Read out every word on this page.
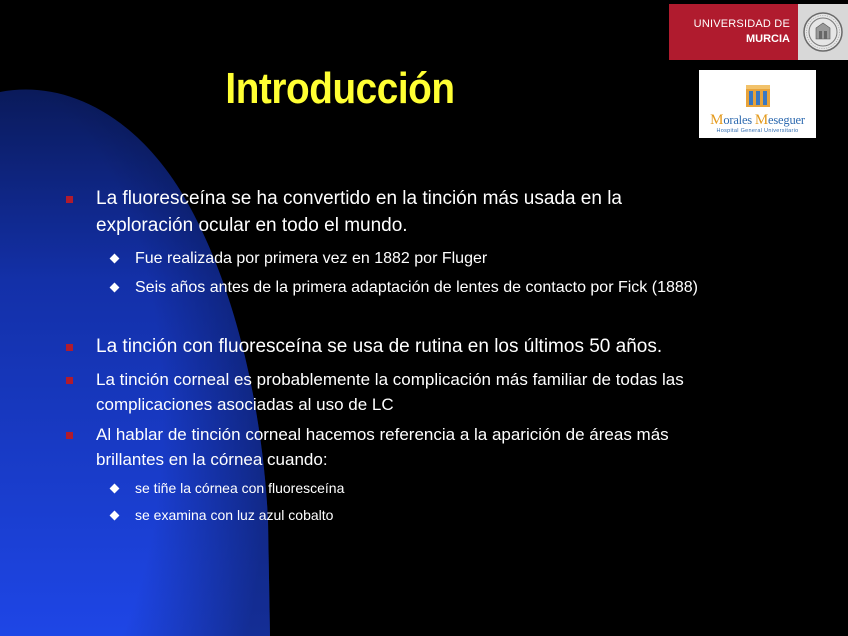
Introducción
UNIVERSIDAD DE
MURCIA
Morales Meseguer
Hospital General Universitario
La fluoresceína se ha convertido en la tinción más usada en la exploración ocular en todo el mundo.
Fue realizada por primera vez en 1882 por Fluger
Seis años antes de la primera adaptación de lentes de contacto por Fick (1888)
La tinción con fluoresceína se usa de rutina en los últimos 50 años.
La tinción corneal es probablemente la complicación más familiar de todas las complicaciones asociadas al uso de LC
Al hablar de tinción corneal hacemos referencia a la aparición de áreas más brillantes en la córnea cuando:
se tiñe la córnea con fluoresceína
se examina con luz azul cobalto
